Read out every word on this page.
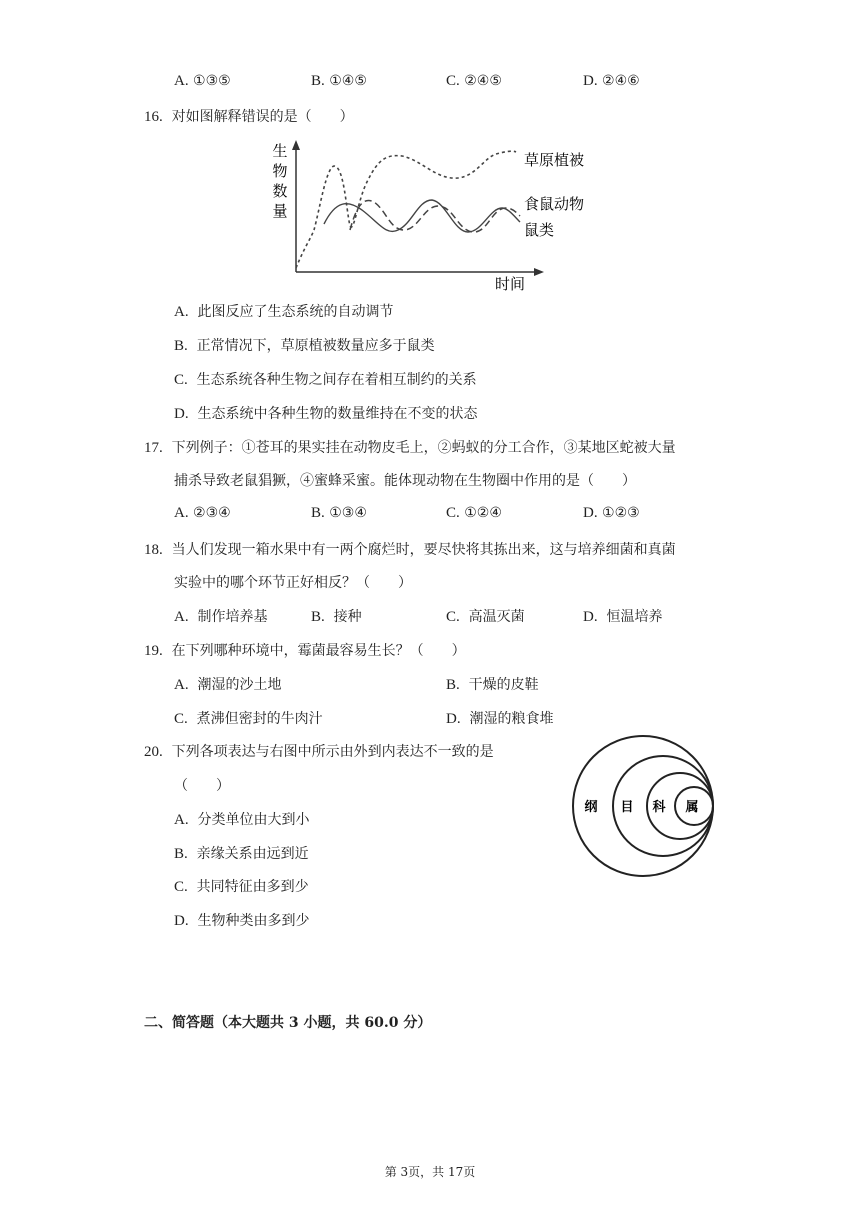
A. ①③⑤	B. ①④⑤	C. ②④⑤	D. ②④⑥
16. 对如图解释错误的是（　　）
生
物
数
量
时间
草原植被
食鼠动物
鼠类
A. 此图反应了生态系统的自动调节
B. 正常情况下，草原植被数量应多于鼠类
C. 生态系统各种生物之间存在着相互制约的关系
D. 生态系统中各种生物的数量维持在不变的状态
17. 下列例子：①苍耳的果实挂在动物皮毛上，②蚂蚁的分工合作，③某地区蛇被大量
捕杀导致老鼠猖獗，④蜜蜂采蜜。能体现动物在生物圈中作用的是（　　）
A. ②③④	B. ①③④	C. ①②④	D. ①②③
18. 当人们发现一箱水果中有一两个腐烂时，要尽快将其拣出来，这与培养细菌和真菌
实验中的哪个环节正好相反？（　　）
A. 制作培养基	B. 接种	C. 高温灭菌	D. 恒温培养
19. 在下列哪种环境中，霉菌最容易生长？（　　）
A. 潮湿的沙土地	B. 干燥的皮鞋
C. 煮沸但密封的牛肉汁	D. 潮湿的粮食堆
20. 下列各项表达与右图中所示由外到内表达不一致的是
（　　）
A. 分类单位由大到小
B. 亲缘关系由远到近
C. 共同特征由多到少
D. 生物种类由多到少
纲 目 科 属
二、简答题（本大题共 3 小题，共 60.0 分）
第 3页，共 17页
